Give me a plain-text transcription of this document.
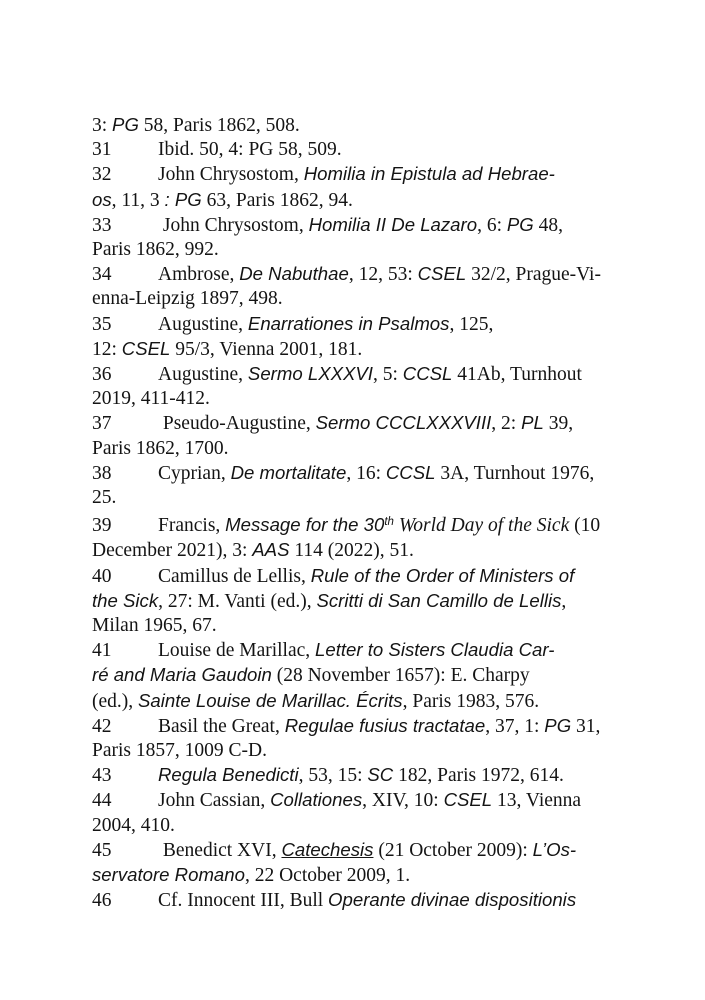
3: PG 58, Paris 1862, 508.
31 Ibid. 50, 4: PG 58, 509.
32 John Chrysostom, Homilia in Epistula ad Hebrae-
os, 11, 3 : PG 63, Paris 1862, 94.
33 John Chrysostom, Homilia II De Lazaro, 6: PG 48,
Paris 1862, 992.
34 Ambrose, De Nabuthae, 12, 53: CSEL 32/2, Prague-Vi-
enna-Leipzig 1897, 498.
35 Augustine, Enarrationes in Psalmos, 125,
12: CSEL 95/3, Vienna 2001, 181.
36 Augustine, Sermo LXXXVI, 5: CCSL 41Ab, Turnhout
2019, 411-412.
37 Pseudo-Augustine, Sermo CCCLXXXVIII, 2: PL 39,
Paris 1862, 1700.
38 Cyprian, De mortalitate, 16: CCSL 3A, Turnhout 1976,
25.
39 Francis, Message for the 30th World Day of the Sick (10
December 2021), 3: AAS 114 (2022), 51.
40 Camillus de Lellis, Rule of the Order of Ministers of
the Sick, 27: M. Vanti (ed.), Scritti di San Camillo de Lellis,
Milan 1965, 67.
41 Louise de Marillac, Letter to Sisters Claudia Car-
ré and Maria Gaudoin (28 November 1657): E. Charpy
(ed.), Sainte Louise de Marillac. Écrits, Paris 1983, 576.
42 Basil the Great, Regulae fusius tractatae, 37, 1: PG 31,
Paris 1857, 1009 C-D.
43	Regula Benedicti, 53, 15: SC 182, Paris 1972, 614.
44 John Cassian, Collationes, XIV, 10: CSEL 13, Vienna
2004, 410.
45 Benedict XVI, Catechesis (21 October 2009): L’Os-
servatore Romano, 22 October 2009, 1.
46 Cf. Innocent III, Bull Operante divinae dispositionis
